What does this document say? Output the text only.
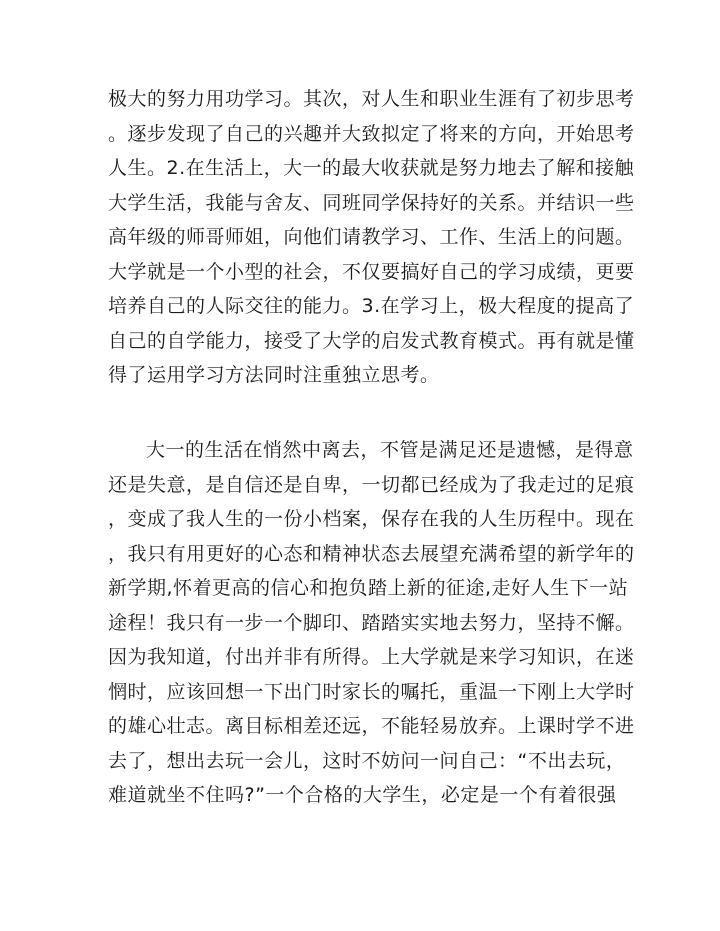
极大的努力用功学习。其次，对人生和职业生涯有了初步思考
。逐步发现了自己的兴趣并大致拟定了将来的方向，开始思考
人生。2.在生活上，大一的最大收获就是努力地去了解和接触
大学生活，我能与舍友、同班同学保持好的关系。并结识一些
高年级的师哥师姐，向他们请教学习、工作、生活上的问题。
大学就是一个小型的社会，不仅要搞好自己的学习成绩，更要
培养自己的人际交往的能力。3.在学习上，极大程度的提高了
自己的自学能力，接受了大学的启发式教育模式。再有就是懂
得了运用学习方法同时注重独立思考。
大一的生活在悄然中离去，不管是满足还是遗憾，是得意
还是失意，是自信还是自卑，一切都已经成为了我走过的足痕
，变成了我人生的一份小档案，保存在我的人生历程中。现在
，我只有用更好的心态和精神状态去展望充满希望的新学年的
新学期,怀着更高的信心和抱负踏上新的征途,走好人生下一站
途程！我只有一步一个脚印、踏踏实实地去努力，坚持不懈。
因为我知道，付出并非有所得。上大学就是来学习知识，在迷
惘时，应该回想一下出门时家长的嘱托，重温一下刚上大学时
的雄心壮志。离目标相差还远，不能轻易放弃。上课时学不进
去了，想出去玩一会儿，这时不妨问一问自己：“不出去玩，
难道就坐不住吗?”一个合格的大学生，必定是一个有着很强
